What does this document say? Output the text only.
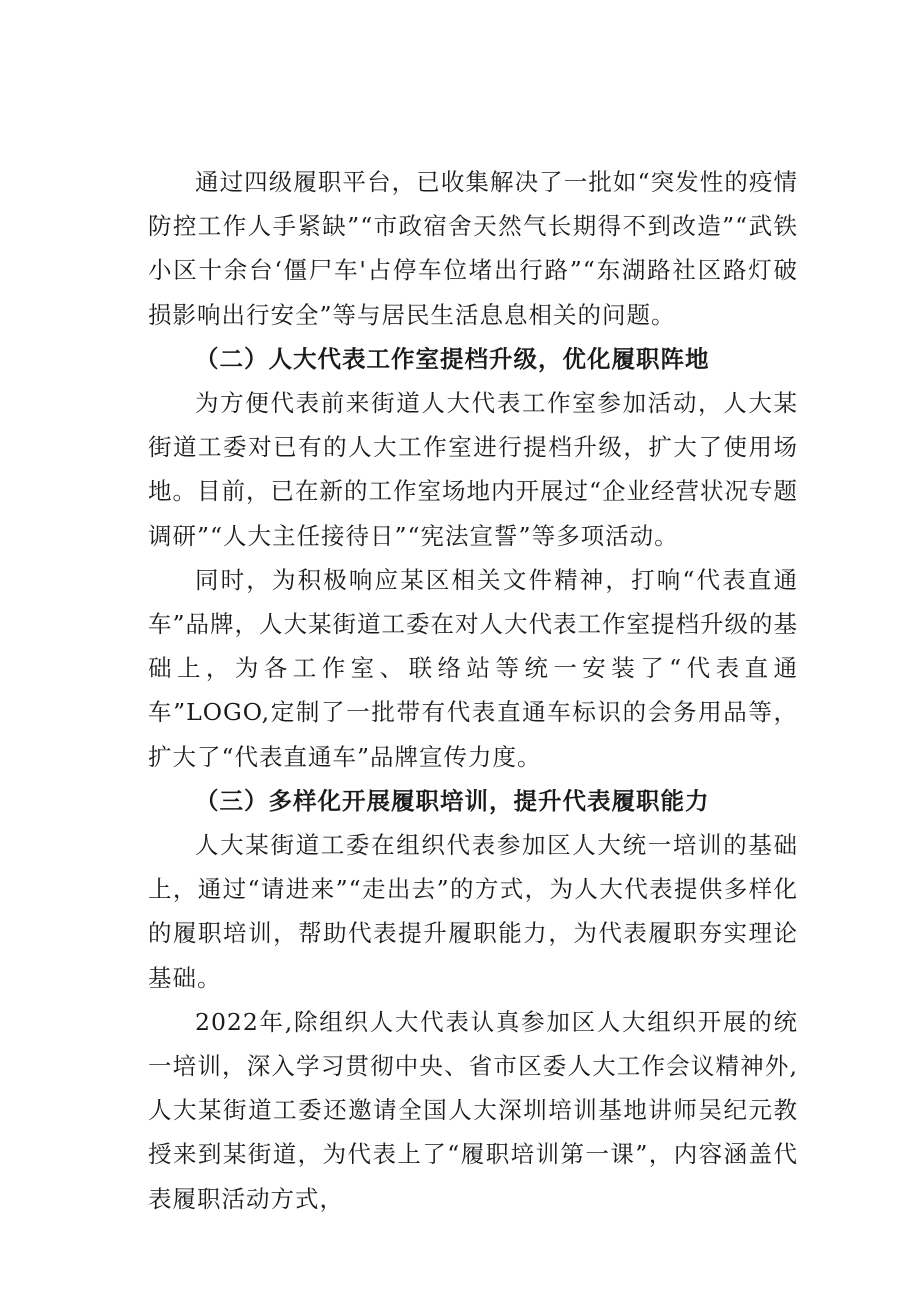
通过四级履职平台，已收集解决了一批如“突发性的疫情防控工作人手紧缺”“市政宿舍天然气长期得不到改造”“武铁小区十余台‘僵尸车'占停车位堵出行路”“东湖路社区路灯破损影响出行安全”等与居民生活息息相关的问题。

（二）人大代表工作室提档升级，优化履职阵地

为方便代表前来街道人大代表工作室参加活动，人大某街道工委对已有的人大工作室进行提档升级，扩大了使用场地。目前，已在新的工作室场地内开展过“企业经营状况专题调研”“人大主任接待日”“宪法宣誓”等多项活动。

同时，为积极响应某区相关文件精神，打响“代表直通车”品牌，人大某街道工委在对人大代表工作室提档升级的基础上，为各工作室、联络站等统一安装了“代表直通车”LOGO,定制了一批带有代表直通车标识的会务用品等，扩大了“代表直通车”品牌宣传力度。

（三）多样化开展履职培训，提升代表履职能力

人大某街道工委在组织代表参加区人大统一培训的基础上，通过“请进来”“走出去”的方式，为人大代表提供多样化的履职培训，帮助代表提升履职能力，为代表履职夯实理论基础。

2022年,除组织人大代表认真参加区人大组织开展的统一培训，深入学习贯彻中央、省市区委人大工作会议精神外,人大某街道工委还邀请全国人大深圳培训基地讲师吴纪元教授来到某街道，为代表上了“履职培训第一课”，内容涵盖代表履职活动方式，
